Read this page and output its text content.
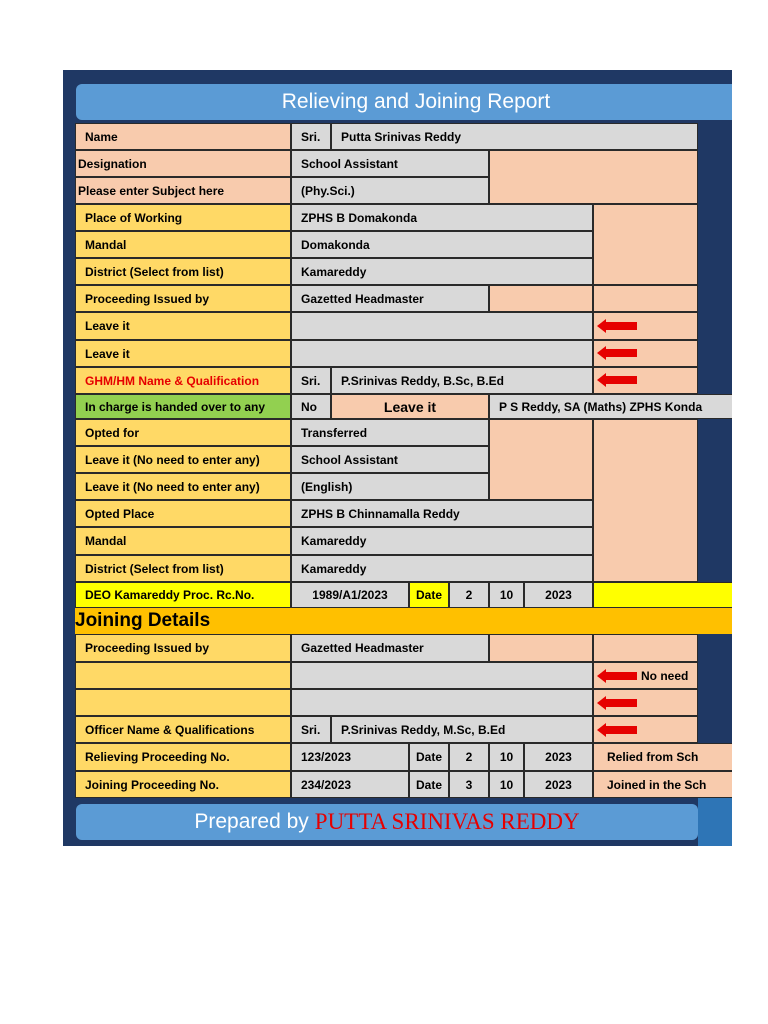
Relieving and Joining Report
Name	Sri.	Putta Srinivas Reddy
Designation	School Assistant
Please enter Subject here	(Phy.Sci.)
Place of Working	ZPHS B Domakonda
Mandal	Domakonda
District (Select from list)	Kamareddy
Proceeding Issued by	Gazetted Headmaster
Leave it
Leave it
GHM/HM Name & Qualification	Sri.	P.Srinivas Reddy, B.Sc, B.Ed
In charge is handed over to any	No	Leave it	P S Reddy, SA (Maths) ZPHS Konda
Opted for	Transferred
Leave it (No need to enter any)	School Assistant
Leave it (No need to enter any)	(English)
Opted Place	ZPHS B Chinnamalla Reddy
Mandal	Kamareddy
District (Select from list)	Kamareddy
DEO Kamareddy Proc. Rc.No.	1989/A1/2023	Date	2	10	2023
Joining Details
Proceeding Issued by	Gazetted Headmaster
No need
Officer Name & Qualifications	Sri.	P.Srinivas Reddy, M.Sc, B.Ed
Relieving Proceeding No.	123/2023	Date	2	10	2023	Relied from Sch
Joining Proceeding No.	234/2023	Date	3	10	2023	Joined in the Sch
Prepared by PUTTA SRINIVAS REDDY
